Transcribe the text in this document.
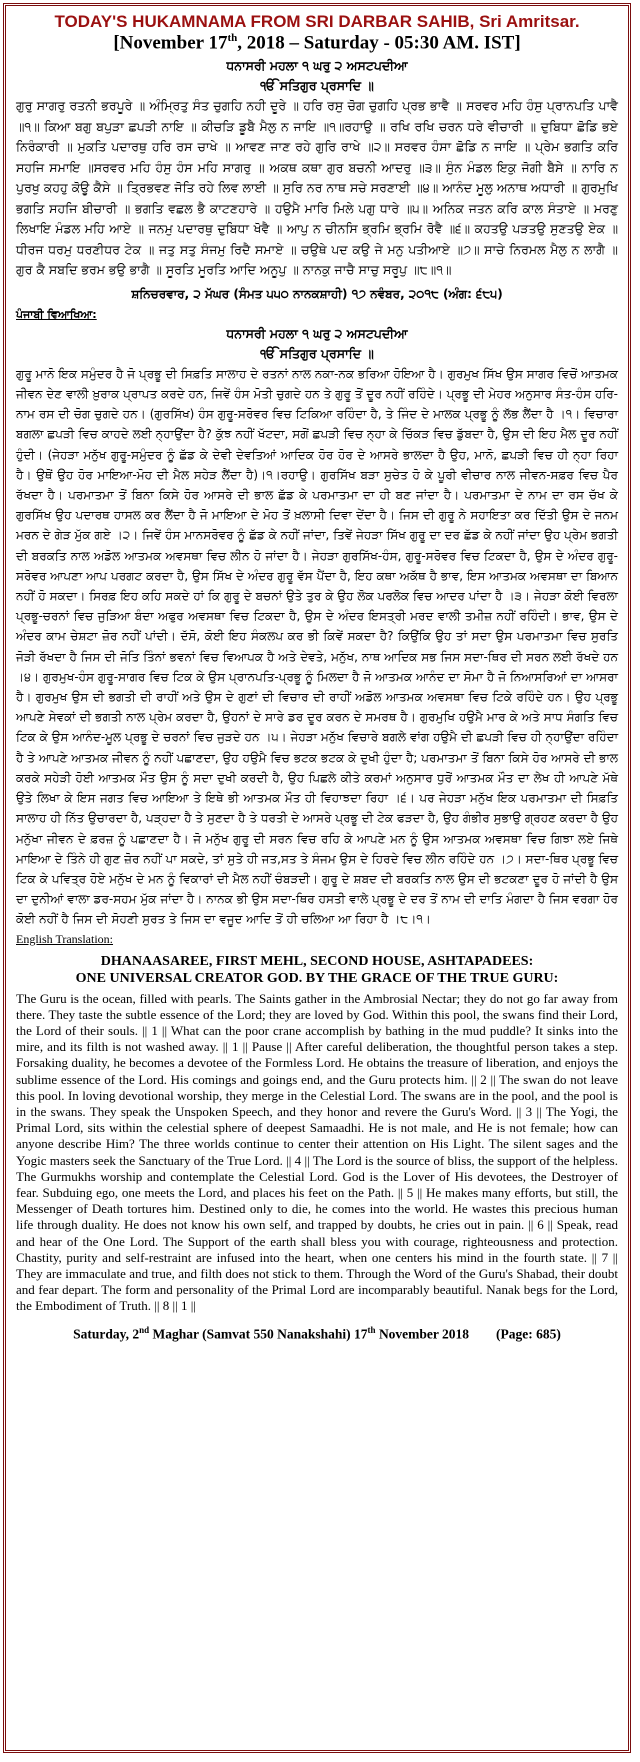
TODAY'S HUKAMNAMA FROM SRI DARBAR SAHIB, Sri Amritsar.
[November 17th, 2018 – Saturday - 05:30 AM. IST]
ਧਨਾਸਰੀ ਮਹਲਾ ੧ ਘਰੁ ੨ ਅਸਟਪਦੀਆ
ੴ ਸਤਿਗੁਰ ਪ੍ਰਸਾਦਿ ॥

ਗੁਰੁ ਸਾਗਰੁ ਰਤਨੀ ਭਰਪੂਰੇ ॥ ਅੰਮ੍ਰਿਤੁ ਸੰਤ ਚੁਗਹਿ ਨਹੀ ਦੂਰੇ ॥ ਹਰਿ ਰਸੁ ਚੋਗ ਚੁਗਹਿ ਪ੍ਰਭ ਭਾਵੈ ॥ ਸਰਵਰ ਮਹਿ ਹੰਸੁ ਪ੍ਰਾਨਪਤਿ ਪਾਵੈ ॥੧॥ ਕਿਆ ਬਗੁ ਬਪੁੜਾ ਛਪੜੀ ਨਾਇ ॥ ਕੀਚੜਿ ਡੂਬੈ ਮੈਲੁ ਨ ਜਾਇ ॥੧॥ਰਹਾਉ ॥ ਰਖਿ ਰਖਿ ਚਰਨ ਧਰੇ ਵੀਚਾਰੀ ॥ ਦੁਬਿਧਾ ਛੋਡਿ ਭਏ ਨਿਰੰਕਾਰੀ ॥ ਮੁਕਤਿ ਪਦਾਰਥੁ ਹਰਿ ਰਸ ਚਾਖੇ ॥ ਆਵਣ ਜਾਣ ਰਹੇ ਗੁਰਿ ਰਾਖੇ ॥੨॥ ਸਰਵਰ ਹੰਸਾ ਛੋਡਿ ਨ ਜਾਇ ॥ ਪ੍ਰੇਮ ਭਗਤਿ ਕਰਿ ਸਹਜਿ ਸਮਾਇ ॥ਸਰਵਰ ਮਹਿ ਹੰਸੁ ਹੰਸ ਮਹਿ ਸਾਗਰੁ ॥ ਅਕਥ ਕਥਾ ਗੁਰ ਬਚਨੀ ਆਦਰੁ ॥੩॥ ਸੁੰਨ ਮੰਡਲ ਇਕੁ ਜੋਗੀ ਬੈਸੇ ॥ ਨਾਰਿ ਨ ਪੁਰਖੁ ਕਹਹੁ ਕੋਊ ਕੈਸੇ ॥ ਤ੍ਰਿਭਵਣ ਜੋਤਿ ਰਹੇ ਲਿਵ ਲਾਈ ॥ ਸੁਰਿ ਨਰ ਨਾਥ ਸਚੇ ਸਰਣਾਈ ॥੪॥ ਆਨੰਦ ਮੂਲੁ ਅਨਾਥ ਅਧਾਰੀ ॥ ਗੁਰਮੁਖਿ ਭਗਤਿ ਸਹਜਿ ਬੀਚਾਰੀ ॥ ਭਗਤਿ ਵਛਲ ਭੈ ਕਾਟਣਹਾਰੇ ॥ ਹਉਮੈ ਮਾਰਿ ਮਿਲੇ ਪਗੁ ਧਾਰੇ ॥੫॥ ਅਨਿਕ ਜਤਨ ਕਰਿ ਕਾਲ ਸੰਤਾਏ ॥ ਮਰਣੁ ਲਿਖਾਇ ਮੰਡਲ ਮਹਿ ਆਏ ॥ ਜਨਮੁ ਪਦਾਰਥੁ ਦੁਬਿਧਾ ਖੋਵੈ ॥ ਆਪੁ ਨ ਚੀਨਸਿ ਭ੍ਰਮਿ ਭ੍ਰਮਿ ਰੋਵੈ ॥੬॥ ਕਹਤਉ ਪੜਤਉ ਸੁਣਤਉ ਏਕ ॥ਧੀਰਜ ਧਰਮੁ ਧਰਣੀਧਰ ਟੇਕ ॥ ਜਤੁ ਸਤੁ ਸੰਜਮੁ ਰਿਦੈ ਸਮਾਏ ॥ ਚਉਥੇ ਪਦ ਕਉ ਜੇ ਮਨੁ ਪਤੀਆਏ ॥੭॥ ਸਾਚੇ ਨਿਰਮਲ ਮੈਲੁ ਨ ਲਾਗੈ ॥ ਗੁਰ ਕੈ ਸਬਦਿ ਭਰਮ ਭਉ ਭਾਗੈ ॥ ਸੂਰਤਿ ਮੂਰਤਿ ਆਦਿ ਅਨੂਪੁ ॥ ਨਾਨਕੁ ਜਾਚੈ ਸਾਚੁ ਸਰੂਪੁ ॥੮॥੧॥

ਸ਼ਨਿਚਰਵਾਰ, ੨ ਮੱਘਰ (ਸੰਮਤ ੫੫੦ ਨਾਨਕਸ਼ਾਹੀ) ੧੭ ਨਵੰਬਰ, ੨੦੧੮ (ਅੰਗ: ੬੮੫)
ਪੰਜਾਬੀ ਵਿਆਖਿਆ:
ਧਨਾਸਰੀ ਮਹਲਾ ੧ ਘਰੁ ੨ ਅਸਟਪਦੀਆ
ੴ ਸਤਿਗੁਰ ਪ੍ਰਸਾਦਿ ॥

ਗੁਰੂ ਮਾਨੋ ਇਕ ਸਮੁੰਦਰ ਹੈ ਜੋ ਪ੍ਰਭੂ ਦੀ ਸਿਫ਼ਤਿ ਸਾਲਾਹ ਦੇ ਰਤਨਾਂ ਨਾਲ ਨਕਾ-ਨਕ ਭਰਿਆ ਹੋਇਆ ਹੈ। ਗੁਰਮੁਖ ਸਿੱਖ ਉਸ ਸਾਗਰ ਵਿਚੋਂ ਆਤਮਕ ਜੀਵਨ ਦੇਣ ਵਾਲੀ ਖ਼ੁਰਾਕ ਪ੍ਰਾਪਤ ਕਰਦੇ ਹਨ, ਜਿਵੇਂ ਹੰਸ ਮੋਤੀ ਚੁਗਦੇ ਹਨ ਤੇ ਗੁਰੂ ਤੋਂ ਦੂਰ ਨਹੀਂ ਰਹਿੰਦੇ। ਪ੍ਰਭੂ ਦੀ ਮੇਹਰ ਅਨੁਸਾਰ ਸੰਤ-ਹੰਸ ਹਰਿ-ਨਾਮ ਰਸ ਦੀ ਚੋਗ ਚੁਗਦੇ ਹਨ। (ਗੁਰਸਿੱਖ) ਹੰਸ ਗੁਰੂ-ਸਰੋਵਰ ਵਿਚ ਟਿਕਿਆ ਰਹਿੰਦਾ ਹੈ, ਤੇ ਜਿੰਦ ਦੇ ਮਾਲਕ ਪ੍ਰਭੂ ਨੂੰ ਲੱਭ ਲੈਂਦਾ ਹੈ ।੧। ਵਿਚਾਰਾ ਬਗਲਾ ਛਪੜੀ ਵਿਚ ਕਾਹਦੇ ਲਈ ਨ੍ਹਾਉਂਦਾ ਹੈ? ਕੁੱਝ ਨਹੀਂ ਖੱਟਦਾ, ਸਗੋਂ ਛਪੜੀ ਵਿਚ ਨ੍ਹਾ ਕੇ ਚਿੱਕੜ ਵਿਚ ਡੁੱਬਦਾ ਹੈ, ਉਸ ਦੀ ਇਹ ਮੈਲ ਦੂਰ ਨਹੀਂ ਹੁੰਦੀ। (ਜੇਹੜਾ ਮਨੁੱਖ ਗੁਰੂ-ਸਮੁੰਦਰ ਨੂੰ ਛੱਡ ਕੇ ਦੇਵੀ ਦੇਵਤਿਆਂ ਆਦਿਕ ਹੋਰ ਹੋਰ ਦੇ ਆਸਰੇ ਭਾਲਦਾ ਹੈ ਉਹ, ਮਾਨੋ, ਛਪੜੀ ਵਿਚ ਹੀ ਨ੍ਹਾ ਰਿਹਾ ਹੈ। ਉਥੋਂ ਉਹ ਹੋਰ ਮਾਇਆ-ਮੋਹ ਦੀ ਮੈਲ ਸਹੇੜ ਲੈਂਦਾ ਹੈ)।੧।ਰਹਾਉ। ਗੁਰਸਿੱਖ ਬੜਾ ਸੁਚੇਤ ਹੋ ਕੇ ਪੂਰੀ ਵੀਚਾਰ ਨਾਲ ਜੀਵਨ-ਸਫ਼ਰ ਵਿਚ ਪੈਰ ਰੱਖਦਾ ਹੈ। ਪਰਮਾਤਮਾ ਤੋਂ ਬਿਨਾ ਕਿਸੇ ਹੋਰ ਆਸਰੇ ਦੀ ਭਾਲ ਛੱਡ ਕੇ ਪਰਮਾਤਮਾ ਦਾ ਹੀ ਬਣ ਜਾਂਦਾ ਹੈ। ਪਰਮਾਤਮਾ ਦੇ ਨਾਮ ਦਾ ਰਸ ਚੱਖ ਕੇ ਗੁਰਸਿੱਖ ਉਹ ਪਦਾਰਥ ਹਾਸਲ ਕਰ ਲੈਂਦਾ ਹੈ ਜੋ ਮਾਇਆ ਦੇ ਮੋਹ ਤੋਂ ਖ਼ਲਾਸੀ ਦਿਵਾ ਦੇਂਦਾ ਹੈ। ਜਿਸ ਦੀ ਗੁਰੂ ਨੇ ਸਹਾਇਤਾ ਕਰ ਦਿੱਤੀ ਉਸ ਦੇ ਜਨਮ ਮਰਨ ਦੇ ਗੇੜ ਮੁੱਕ ਗਏ ।੨। ਜਿਵੇਂ ਹੰਸ ਮਾਨਸਰੋਵਰ ਨੂੰ ਛੱਡ ਕੇ ਨਹੀਂ ਜਾਂਦਾ, ਤਿਵੇਂ ਜੇਹੜਾ ਸਿੱਖ ਗੁਰੂ ਦਾ ਦਰ ਛੱਡ ਕੇ ਨਹੀਂ ਜਾਂਦਾ ਉਹ ਪ੍ਰੇਮ ਭਗਤੀ ਦੀ ਬਰਕਤਿ ਨਾਲ ਅਡੋਲ ਆਤਮਕ ਅਵਸਥਾ ਵਿਚ ਲੀਨ ਹੋ ਜਾਂਦਾ ਹੈ। ਜੇਹੜਾ ਗੁਰਸਿੱਖ-ਹੰਸ, ਗੁਰੂ-ਸਰੋਵਰ ਵਿਚ ਟਿਕਦਾ ਹੈ, ਉਸ ਦੇ ਅੰਦਰ ਗੁਰੂ-ਸਰੋਵਰ ਆਪਣਾ ਆਪ ਪਰਗਟ ਕਰਦਾ ਹੈ, ਉਸ ਸਿੱਖ ਦੇ ਅੰਦਰ ਗੁਰੂ ਵੱਸ ਪੈਂਦਾ ਹੈ, ਇਹ ਕਥਾ ਅਕੱਥ ਹੈ ਭਾਵ, ਇਸ ਆਤਮਕ ਅਵਸਥਾ ਦਾ ਬਿਆਨ ਨਹੀਂ ਹੋ ਸਕਦਾ। ਸਿਰਫ਼ ਇਹ ਕਹਿ ਸਕਦੇ ਹਾਂ ਕਿ ਗੁਰੂ ਦੇ ਬਚਨਾਂ ਉਤੇ ਤੁਰ ਕੇ ਉਹ ਲੋਕ ਪਰਲੋਕ ਵਿਚ ਆਦਰ ਪਾਂਦਾ ਹੈ ।੩। ਜੇਹੜਾ ਕੋਈ ਵਿਰਲਾ ਪ੍ਰਭੂ-ਚਰਨਾਂ ਵਿਚ ਜੁੜਿਆ ਬੰਦਾ ਅਫੁਰ ਅਵਸਥਾ ਵਿਚ ਟਿਕਦਾ ਹੈ, ਉਸ ਦੇ ਅੰਦਰ ਇਸਤ੍ਰੀ ਮਰਦ ਵਾਲੀ ਤਮੀਜ਼ ਨਹੀਂ ਰਹਿੰਦੀ। ਭਾਵ, ਉਸ ਦੇ ਅੰਦਰ ਕਾਮ ਚੇਸ਼ਟਾ ਜ਼ੋਰ ਨਹੀਂ ਪਾਂਦੀ। ਦੱਸੋ, ਕੋਈ ਇਹ ਸੰਕਲਪ ਕਰ ਭੀ ਕਿਵੇਂ ਸਕਦਾ ਹੈ? ਕਿਉਂਕਿ ਉਹ ਤਾਂ ਸਦਾ ਉਸ ਪਰਮਾਤਮਾ ਵਿਚ ਸੁਰਤਿ ਜੋੜੀ ਰੱਖਦਾ ਹੈ ਜਿਸ ਦੀ ਜੋਤਿ ਤਿੰਨਾਂ ਭਵਨਾਂ ਵਿਚ ਵਿਆਪਕ ਹੈ ਅਤੇ ਦੇਵਤੇ, ਮਨੁੱਖ, ਨਾਥ ਆਦਿਕ ਸਭ ਜਿਸ ਸਦਾ-ਥਿਰ ਦੀ ਸਰਨ ਲਈ ਰੱਖਦੇ ਹਨ ।੪। ਗੁਰਮੁਖ-ਹੰਸ ਗੁਰੂ-ਸਾਗਰ ਵਿਚ ਟਿਕ ਕੇ ਉਸ ਪ੍ਰਾਨਪਤਿ-ਪ੍ਰਭੂ ਨੂੰ ਮਿਲਦਾ ਹੈ ਜੋ ਆਤਮਕ ਆਨੰਦ ਦਾ ਸੋਮਾ ਹੈ ਜੋ ਨਿਆਸਰਿਆਂ ਦਾ ਆਸਰਾ ਹੈ। ਗੁਰਮੁਖ ਉਸ ਦੀ ਭਗਤੀ ਦੀ ਰਾਹੀਂ ਅਤੇ ਉਸ ਦੇ ਗੁਣਾਂ ਦੀ ਵਿਚਾਰ ਦੀ ਰਾਹੀਂ ਅਡੋਲ ਆਤਮਕ ਅਵਸਥਾ ਵਿਚ ਟਿਕੇ ਰਹਿੰਦੇ ਹਨ। ਉਹ ਪ੍ਰਭੂ ਆਪਣੇ ਸੇਵਕਾਂ ਦੀ ਭਗਤੀ ਨਾਲ ਪ੍ਰੇਮ ਕਰਦਾ ਹੈ, ਉਹਨਾਂ ਦੇ ਸਾਰੇ ਡਰ ਦੂਰ ਕਰਨ ਦੇ ਸਮਰਥ ਹੈ। ਗੁਰਮੁਖਿ ਹਉਮੈ ਮਾਰ ਕੇ ਅਤੇ ਸਾਧ ਸੰਗਤਿ ਵਿਚ ਟਿਕ ਕੇ ਉਸ ਆਨੰਦ-ਮੂਲ ਪ੍ਰਭੂ ਦੇ ਚਰਨਾਂ ਵਿਚ ਜੁੜਦੇ ਹਨ ।੫। ਜੇਹੜਾ ਮਨੁੱਖ ਵਿਚਾਰੇ ਬਗਲੇ ਵਾਂਗ ਹਉਮੈ ਦੀ ਛਪੜੀ ਵਿਚ ਹੀ ਨ੍ਹਾਉਂਦਾ ਰਹਿੰਦਾ ਹੈ ਤੇ ਆਪਣੇ ਆਤਮਕ ਜੀਵਨ ਨੂੰ ਨਹੀਂ ਪਛਾਣਦਾ, ਉਹ ਹਉਮੈ ਵਿਚ ਭਟਕ ਭਟਕ ਕੇ ਦੁਖੀ ਹੁੰਦਾ ਹੈ; ਪਰਮਾਤਮਾ ਤੋਂ ਬਿਨਾ ਕਿਸੇ ਹੋਰ ਆਸਰੇ ਦੀ ਭਾਲ ਕਰਕੇ ਸਹੇੜੀ ਹੋਈ ਆਤਮਕ ਮੌਤ ਉਸ ਨੂੰ ਸਦਾ ਦੁਖੀ ਕਰਦੀ ਹੈ, ਉਹ ਪਿਛਲੇ ਕੀਤੇ ਕਰਮਾਂ ਅਨੁਸਾਰ ਧੁਰੋਂ ਆਤਮਕ ਮੌਤ ਦਾ ਲੇਖ ਹੀ ਆਪਣੇ ਮੱਥੇ ਉਤੇ ਲਿਖਾ ਕੇ ਇਸ ਜਗਤ ਵਿਚ ਆਇਆ ਤੇ ਇਥੇ ਭੀ ਆਤਮਕ ਮੌਤ ਹੀ ਵਿਹਾਝਦਾ ਰਿਹਾ ।੬। ਪਰ ਜੇਹੜਾ ਮਨੁੱਖ ਇਕ ਪਰਮਾਤਮਾ ਦੀ ਸਿਫ਼ਤਿ ਸਾਲਾਹ ਹੀ ਨਿੱਤ ਉਚਾਰਦਾ ਹੈ, ਪੜ੍ਹਦਾ ਹੈ ਤੇ ਸੁਣਦਾ ਹੈ ਤੇ ਧਰਤੀ ਦੇ ਆਸਰੇ ਪ੍ਰਭੂ ਦੀ ਟੇਕ ਫੜਦਾ ਹੈ, ਉਹ ਗੰਭੀਰ ਸੁਭਾਉ ਗ੍ਰਹਣ ਕਰਦਾ ਹੈ ਉਹ ਮਨੁੱਖਾ ਜੀਵਨ ਦੇ ਫ਼ਰਜ਼ ਨੂੰ ਪਛਾਣਦਾ ਹੈ। ਜੋ ਮਨੁੱਖ ਗੁਰੂ ਦੀ ਸਰਨ ਵਿਚ ਰਹਿ ਕੇ ਆਪਣੇ ਮਨ ਨੂੰ ਉਸ ਆਤਮਕ ਅਵਸਥਾ ਵਿਚ ਗਿਝਾ ਲਏ ਜਿਥੇ ਮਾਇਆ ਦੇ ਤਿੰਨੇ ਹੀ ਗੁਣ ਜ਼ੋਰ ਨਹੀਂ ਪਾ ਸਕਦੇ, ਤਾਂ ਸੁਤੇ ਹੀ ਜਤ,ਸਤ ਤੇ ਸੰਜਮ ਉਸ ਦੇ ਹਿਰਦੇ ਵਿਚ ਲੀਨ ਰਹਿੰਦੇ ਹਨ ।੭। ਸਦਾ-ਥਿਰ ਪ੍ਰਭੂ ਵਿਚ ਟਿਕ ਕੇ ਪਵਿਤ੍ਰ ਹੋਏ ਮਨੁੱਖ ਦੇ ਮਨ ਨੂੰ ਵਿਕਾਰਾਂ ਦੀ ਮੈਲ ਨਹੀਂ ਚੰਬੜਦੀ। ਗੁਰੂ ਦੇ ਸ਼ਬਦ ਦੀ ਬਰਕਤਿ ਨਾਲ ਉਸ ਦੀ ਭਟਕਣਾ ਦੂਰ ਹੋ ਜਾਂਦੀ ਹੈ ਉਸ ਦਾ ਦੁਨੀਆਂ ਵਾਲਾ ਡਰ-ਸਹਮ ਮੁੱਕ ਜਾਂਦਾ ਹੈ। ਨਾਨਕ ਭੀ ਉਸ ਸਦਾ-ਥਿਰ ਹਸਤੀ ਵਾਲੇ ਪ੍ਰਭੂ ਦੇ ਦਰ ਤੋਂ ਨਾਮ ਦੀ ਦਾਤਿ ਮੰਗਦਾ ਹੈ ਜਿਸ ਵਰਗਾ ਹੋਰ ਕੋਈ ਨਹੀਂ ਹੈ ਜਿਸ ਦੀ ਸੋਹਣੀ ਸੁਰਤ ਤੇ ਜਿਸ ਦਾ ਵਜੂਦ ਆਦਿ ਤੋਂ ਹੀ ਚਲਿਆ ਆ ਰਿਹਾ ਹੈ ।੮।੧।

English Translation:
DHANAASAREE, FIRST MEHL, SECOND HOUSE, ASHTAPADEES:
ONE UNIVERSAL CREATOR GOD. BY THE GRACE OF THE TRUE GURU:

The Guru is the ocean, filled with pearls. The Saints gather in the Ambrosial Nectar; they do not go far away from there. They taste the subtle essence of the Lord; they are loved by God. Within this pool, the swans find their Lord, the Lord of their souls. || 1 || What can the poor crane accomplish by bathing in the mud puddle? It sinks into the mire, and its filth is not washed away. || 1 || Pause || After careful deliberation, the thoughtful person takes a step. Forsaking duality, he becomes a devotee of the Formless Lord. He obtains the treasure of liberation, and enjoys the sublime essence of the Lord. His comings and goings end, and the Guru protects him. || 2 || The swan do not leave this pool. In loving devotional worship, they merge in the Celestial Lord. The swans are in the pool, and the pool is in the swans. They speak the Unspoken Speech, and they honor and revere the Guru's Word. || 3 || The Yogi, the Primal Lord, sits within the celestial sphere of deepest Samaadhi. He is not male, and He is not female; how can anyone describe Him? The three worlds continue to center their attention on His Light. The silent sages and the Yogic masters seek the Sanctuary of the True Lord. || 4 || The Lord is the source of bliss, the support of the helpless. The Gurmukhs worship and contemplate the Celestial Lord. God is the Lover of His devotees, the Destroyer of fear. Subduing ego, one meets the Lord, and places his feet on the Path. || 5 || He makes many efforts, but still, the Messenger of Death tortures him. Destined only to die, he comes into the world. He wastes this precious human life through duality. He does not know his own self, and trapped by doubts, he cries out in pain. || 6 || Speak, read and hear of the One Lord. The Support of the earth shall bless you with courage, righteousness and protection. Chastity, purity and self-restraint are infused into the heart, when one centers his mind in the fourth state. || 7 || They are immaculate and true, and filth does not stick to them. Through the Word of the Guru's Shabad, their doubt and fear depart. The form and personality of the Primal Lord are incomparably beautiful. Nanak begs for the Lord, the Embodiment of Truth. || 8 || 1 ||

Saturday, 2nd Maghar (Samvat 550 Nanakshahi) 17th November 2018        (Page: 685)
